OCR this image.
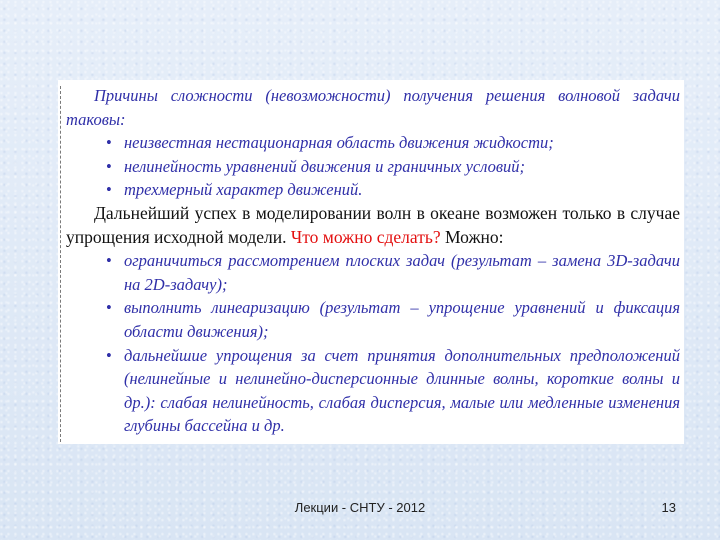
Причины сложности (невозможности) получения решения волновой задачи таковы:

• неизвестная нестационарная область движения жидкости;
• нелинейность уравнений движения и граничных условий;
• трехмерный характер движений.

Дальнейший успех в моделировании волн в океане возможен только в случае упрощения исходной модели. Что можно сделать? Можно:

• ограничиться рассмотрением плоских задач (результат – замена 3D-задачи на 2D-задачу);
• выполнить линеаризацию (результат – упрощение уравнений и фиксация области движения);
• дальнейшие упрощения за счет принятия дополнительных предположений (нелинейные и нелинейно-дисперсионные длинные волны, короткие волны и др.): слабая нелинейность, слабая дисперсия, малые или медленные изменения глубины бассейна и др.
Лекции - СНТУ - 2012	13
